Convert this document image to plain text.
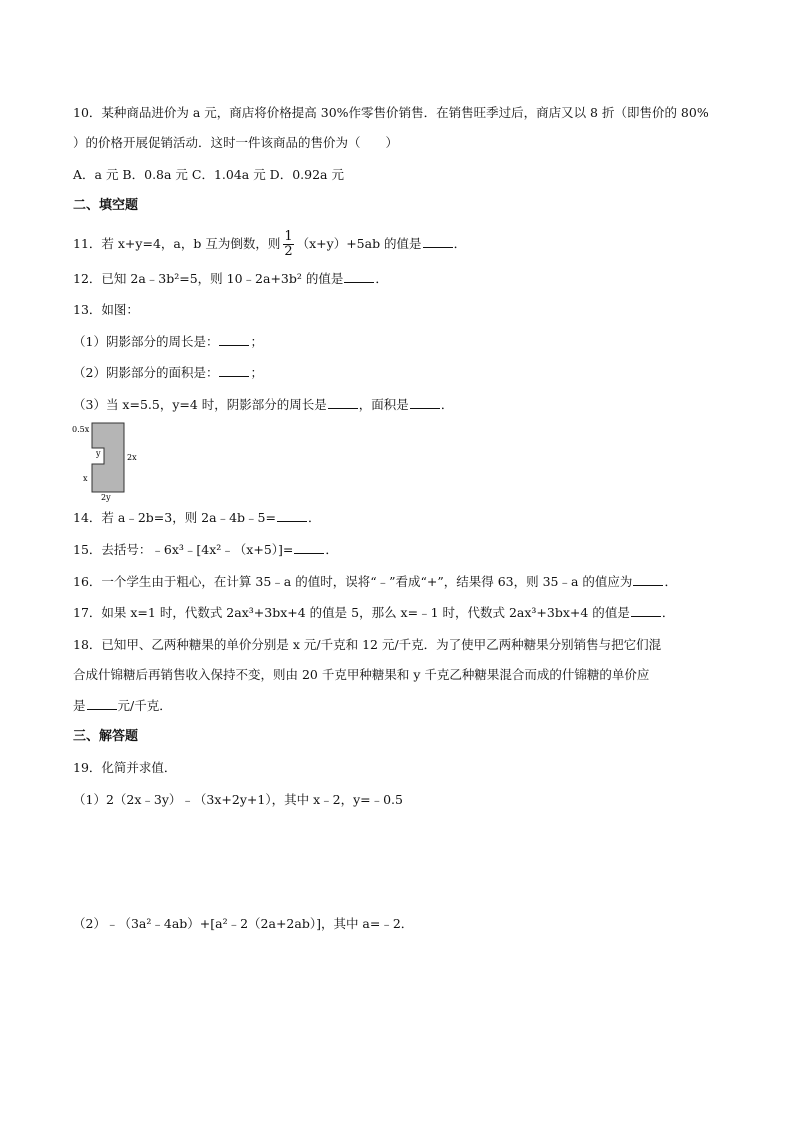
10．某种商品进价为 a 元，商店将价格提高 30%作零售价销售．在销售旺季过后，商店又以 8 折（即售价的 80%
）的价格开展促销活动．这时一件该商品的售价为（　　）
A．a 元 B．0.8a 元 C．1.04a 元 D．0.92a 元
二、填空题
11．若 x+y=4，a，b 互为倒数，则 $\frac{1}{2} (x+y)+5ab$ 的值是	．
12．已知 2a﹣3b²=5，则 10﹣2a+3b² 的值是	．
13．如图：
（1）阴影部分的周长是：	；
（2）阴影部分的面积是：	；
（3）当 x=5.5，y=4 时，阴影部分的周长是	，面积是	．
0.5x
y	2x
x
2y
14．若 a﹣2b=3，则 2a﹣4b﹣5=	．
15．去括号：﹣6x³﹣[4x²﹣（x+5）]=	．
16．一个学生由于粗心，在计算 35﹣a 的值时，误将“﹣”看成“+”，结果得 63，则 35﹣a 的值应为	．
17．如果 x=1 时，代数式 2ax³+3bx+4 的值是 5，那么 x=﹣1 时，代数式 2ax³+3bx+4 的值是	．
18．已知甲、乙两种糖果的单价分别是 x 元/千克和 12 元/千克．为了使甲乙两种糖果分别销售与把它们混
合成什锦糖后再销售收入保持不变，则由 20 千克甲种糖果和 y 千克乙种糖果混合而成的什锦糖的单价应
是	元/千克．
三、解答题
19．化简并求值．
（1）2（2x﹣3y）﹣（3x+2y+1），其中 x﹣2，y=﹣0.5
（2）﹣（3a²﹣4ab）+[a²﹣2（2a+2ab）]，其中 a=﹣2．
